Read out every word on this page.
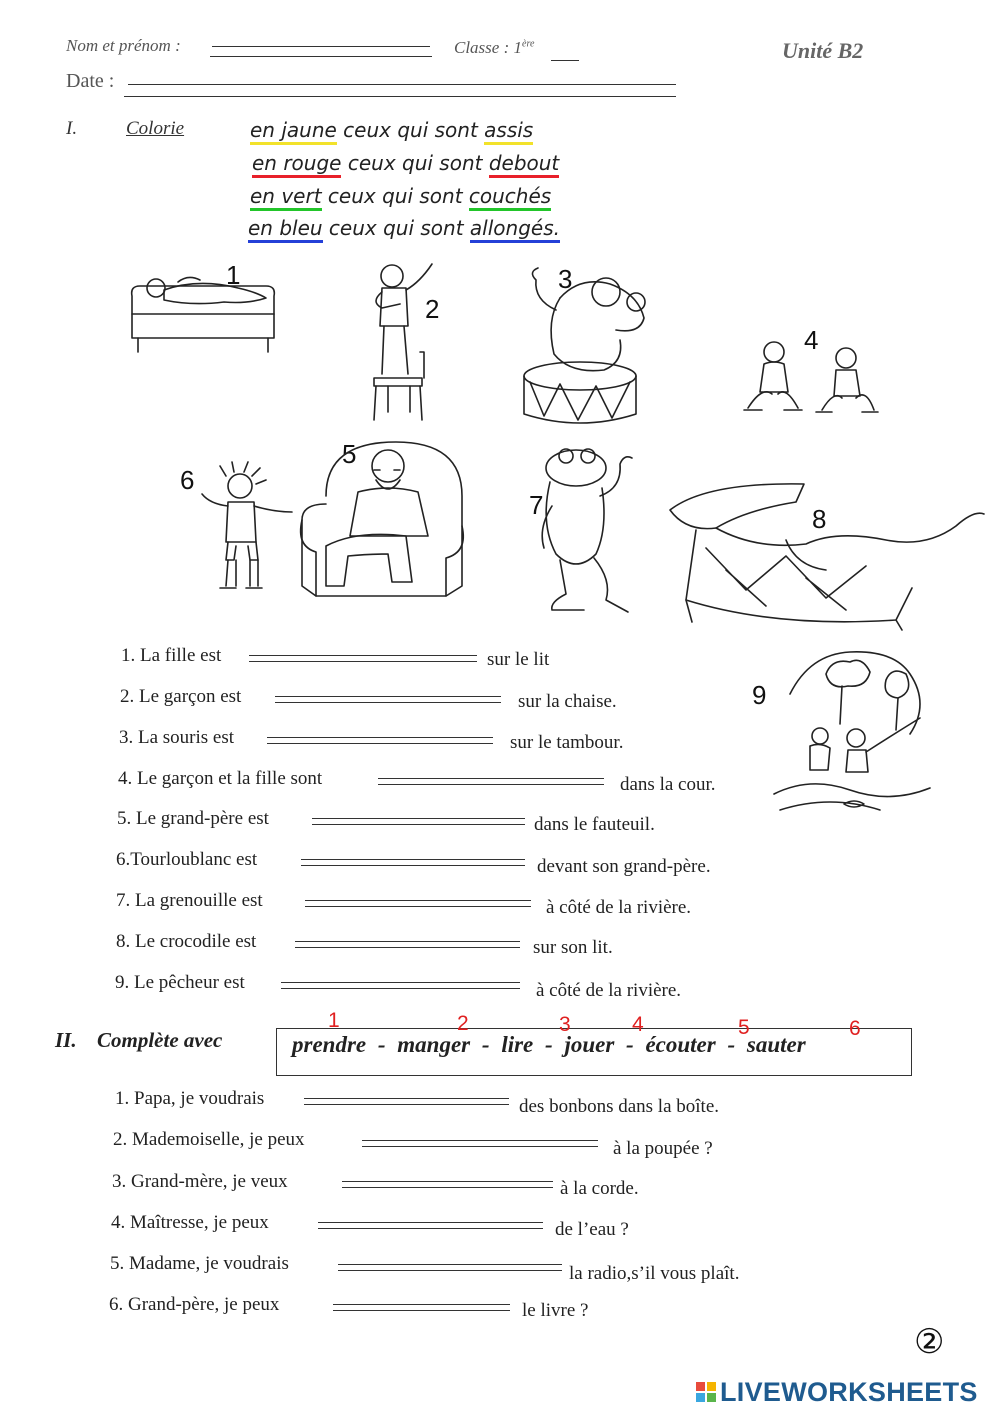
Nom et prénom :	Classe : 1ère	Unité B2
Date :
I.	Colorie	en jaune ceux qui sont assis
en rouge ceux qui sont debout
en vert ceux qui sont couchés
en bleu ceux qui sont allongés.
1
2
3
4
5
6
7	8
9
1. La fille est	sur le lit
2. Le garçon est	sur la chaise.
3. La souris est	sur le tambour.
4. Le garçon et la fille sont	dans la cour.
5. Le grand-père est	dans le fauteuil.
6.Tourloublanc est	devant son grand-père.
7. La grenouille est	à côté de la rivière.
8. Le crocodile est	sur son lit.
9. Le pêcheur est	à côté de la rivière.
II. Complète avec
1	2	3	4	5	6
prendre - manger - lire - jouer - écouter - sauter
1. Papa, je voudrais	des bonbons dans la boîte.
2. Mademoiselle, je peux	à la poupée ?
3. Grand-mère, je veux	à la corde.
4. Maîtresse, je peux	de l’eau ?
5. Madame, je voudrais	la radio,s’il vous plaît.
6. Grand-père, je peux	le livre ?
②
LIVEWORKSHEETS
